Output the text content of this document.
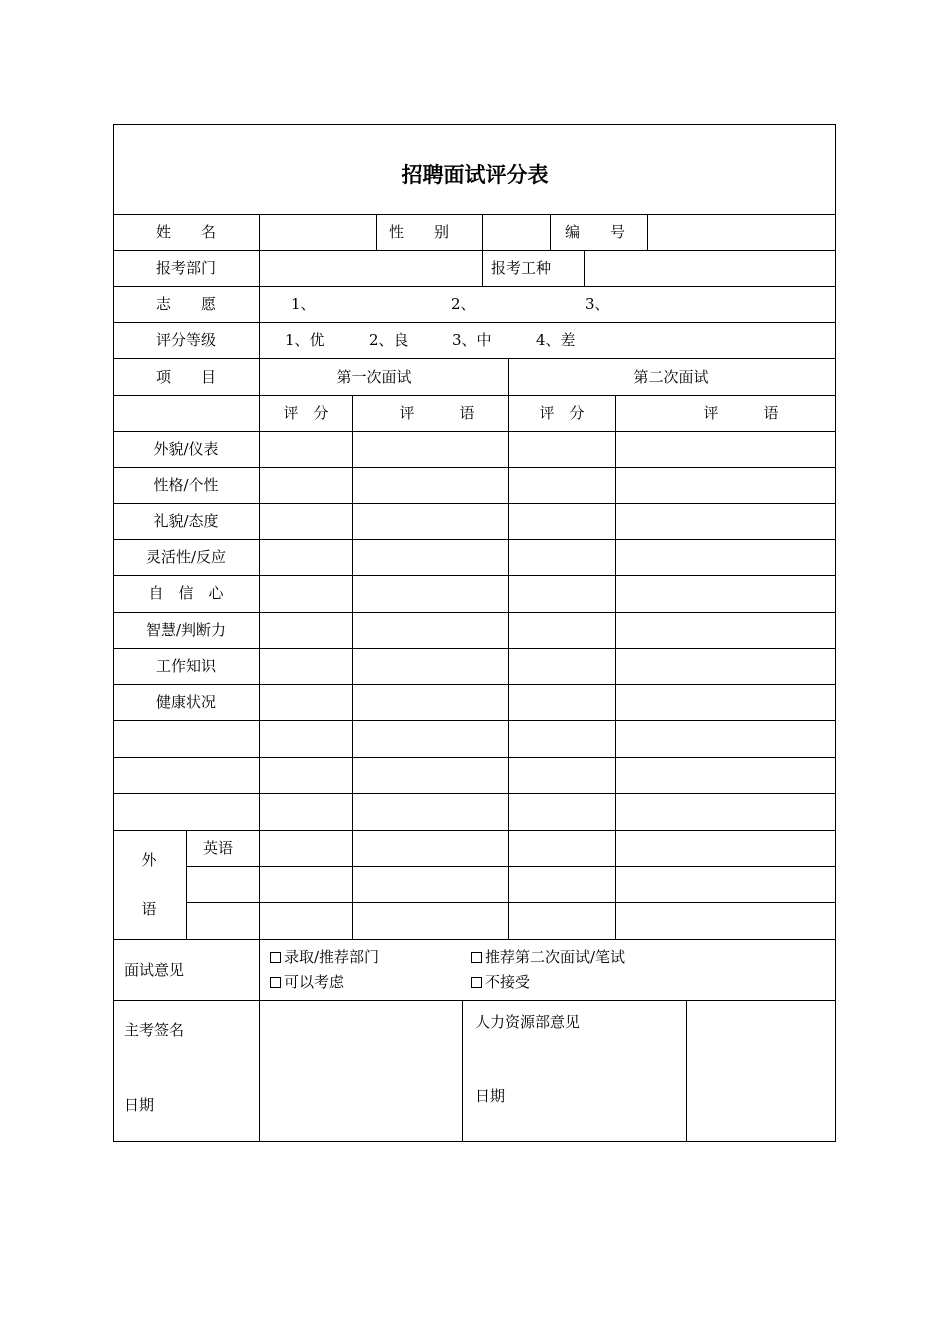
招聘面试评分表
姓　　名	性　　别	编　　号
报考部门	报考工种
志　　愿	1、	2、	3、
评分等级	1、优	2、良	3、中	4、差
项　　目	第一次面试	第二次面试
评　分	评　　　语	评　分	评　　　语
外貌/仪表
性格/个性
礼貌/态度
灵活性/反应
自　信　心
智慧/判断力
工作知识
健康状况
外
语
英语
面试意见
录取/推荐部门	推荐第二次面试/笔试
可以考虑	不接受
主考签名
日期
人力资源部意见
日期
